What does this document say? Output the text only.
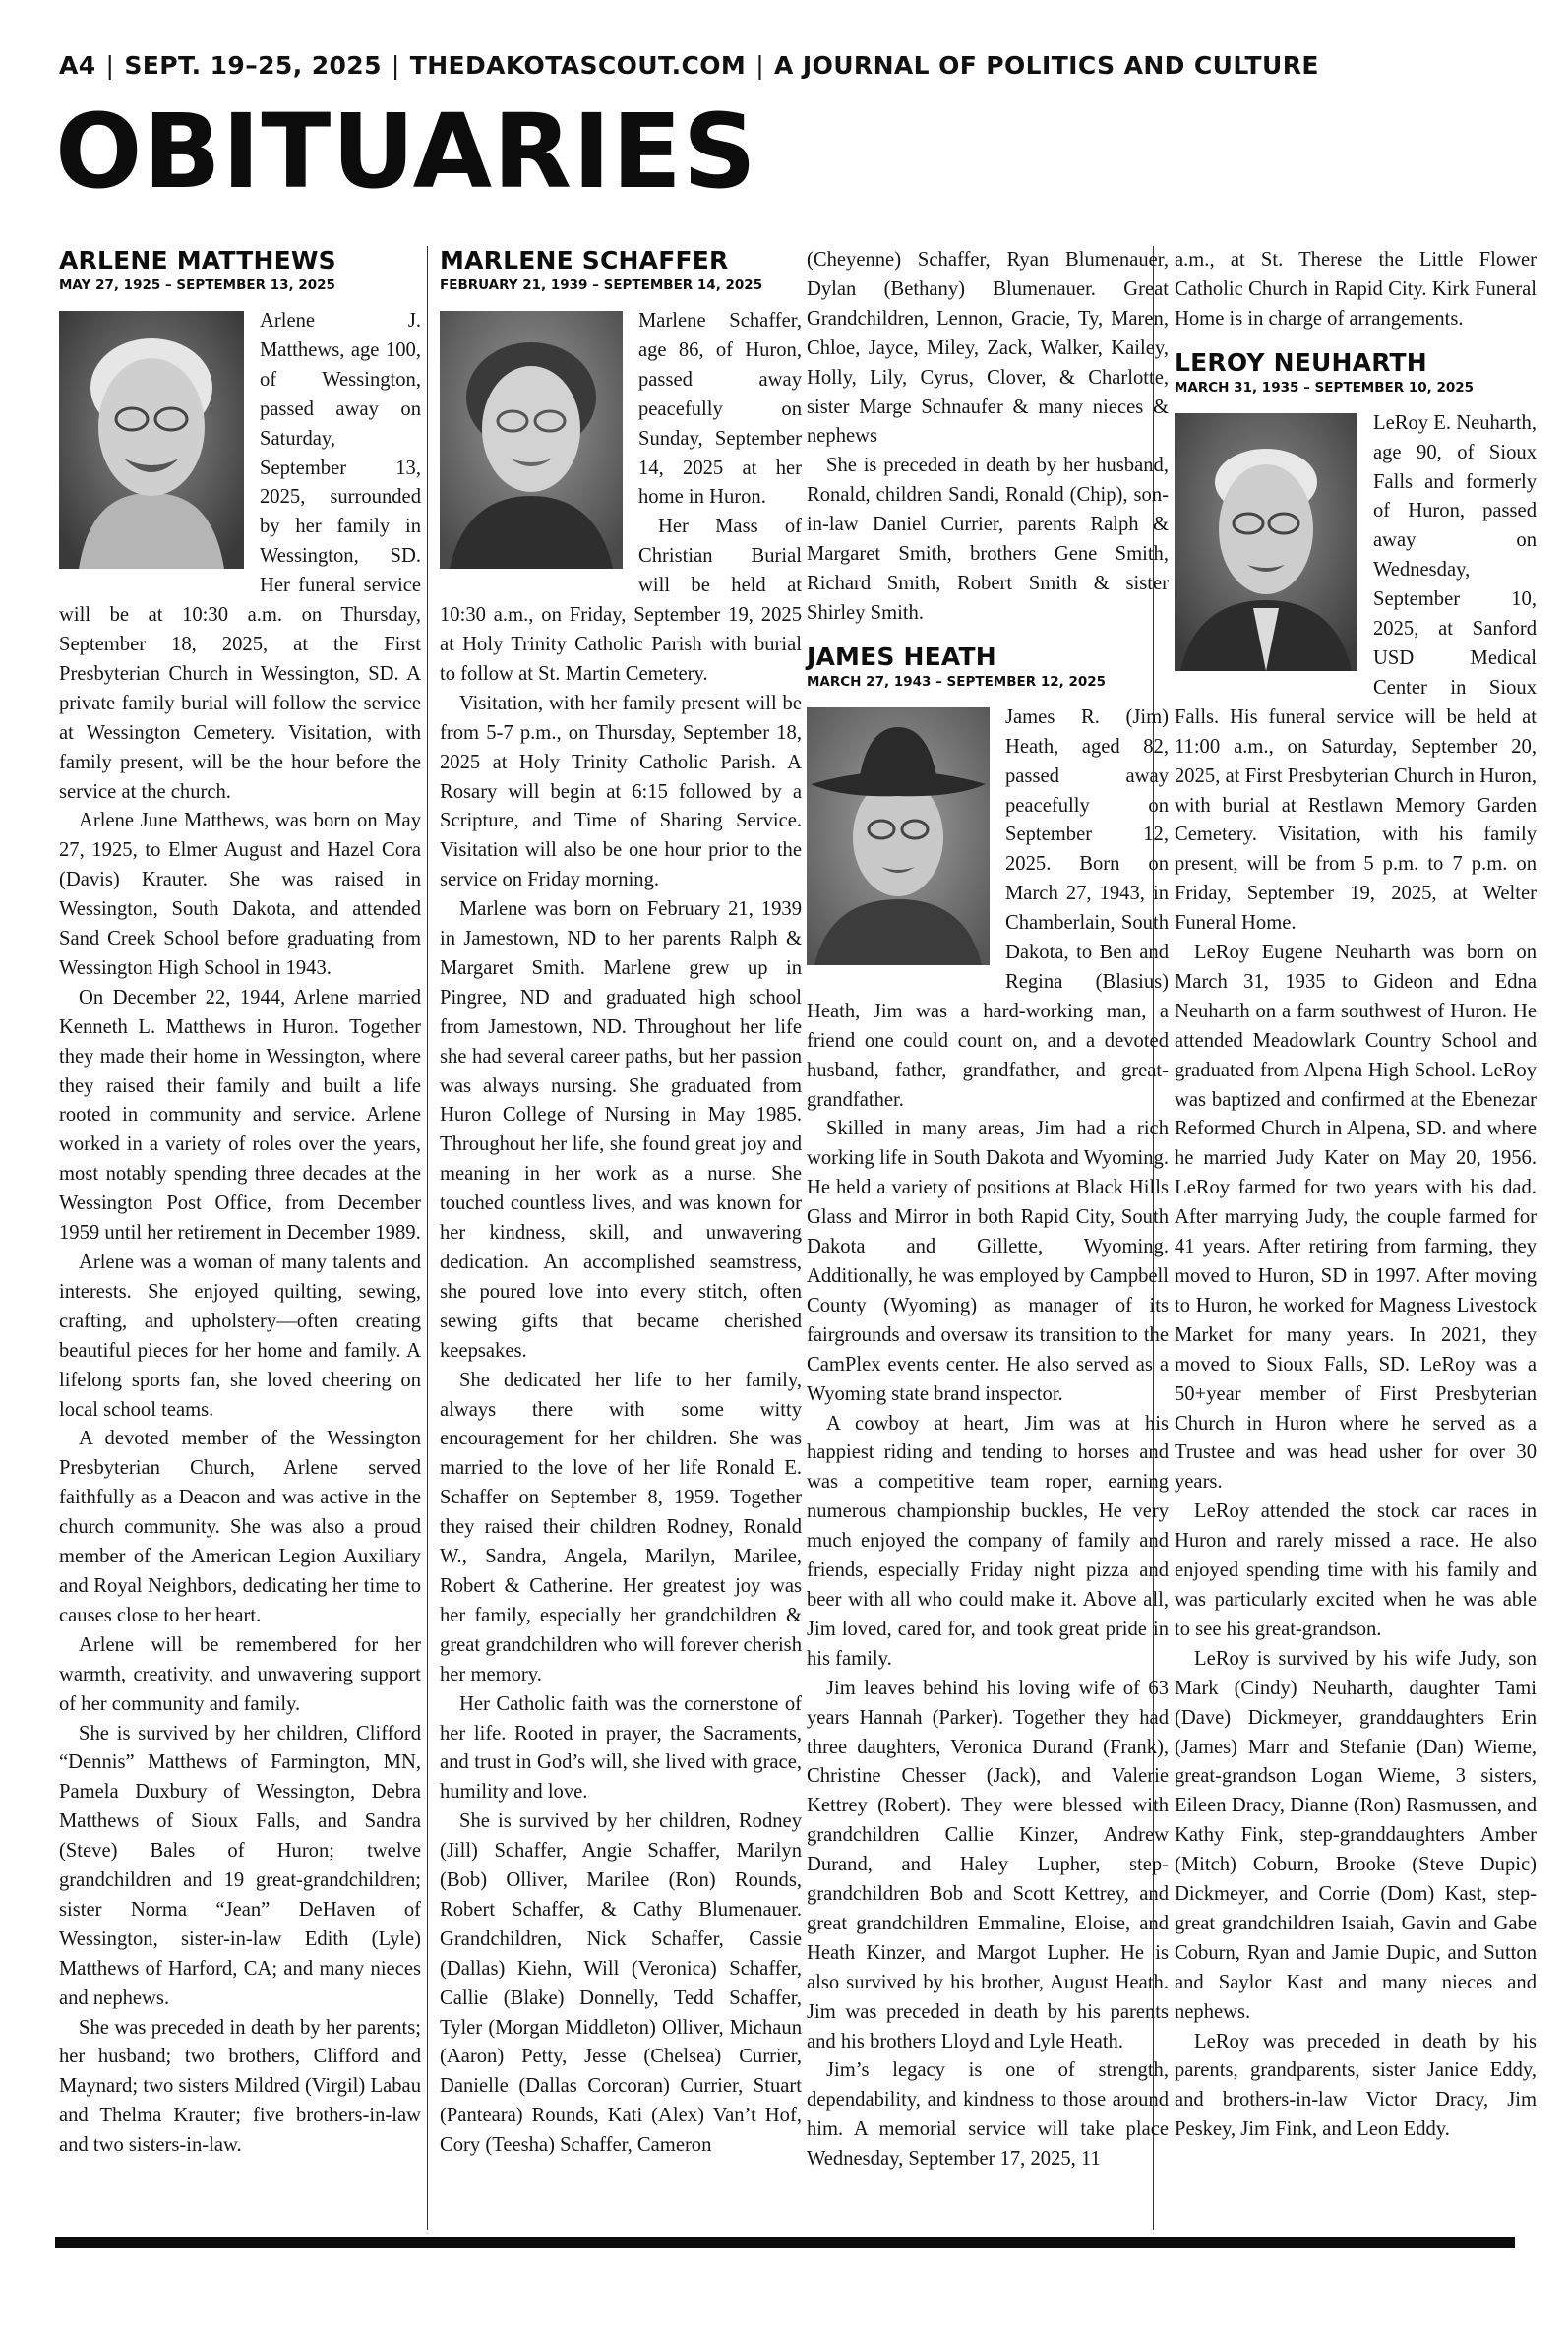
A4 | SEPT. 19–25, 2025 | THEDAKOTASCOUT.COM | A JOURNAL OF POLITICS AND CULTURE
OBITUARIES
ARLENE MATTHEWS
MAY 27, 1925 – SEPTEMBER 13, 2025

Arlene J. Matthews, age 100, of Wessington, passed away on Saturday, September 13, 2025, surrounded by her family in Wessington, SD. Her funeral service will be at 10:30 a.m. on Thursday, September 18, 2025, at the First Presbyterian Church in Wessington, SD. A private family burial will follow the service at Wessington Cemetery. Visitation, with family present, will be the hour before the service at the church.

Arlene June Matthews, was born on May 27, 1925, to Elmer August and Hazel Cora (Davis) Krauter. She was raised in Wessington, South Dakota, and attended Sand Creek School before graduating from Wessington High School in 1943.

On December 22, 1944, Arlene married Kenneth L. Matthews in Huron. Together they made their home in Wessington, where they raised their family and built a life rooted in community and service. Arlene worked in a variety of roles over the years, most notably spending three decades at the Wessington Post Office, from December 1959 until her retirement in December 1989.

Arlene was a woman of many talents and interests. She enjoyed quilting, sewing, crafting, and upholstery—often creating beautiful pieces for her home and family. A lifelong sports fan, she loved cheering on local school teams.

A devoted member of the Wessington Presbyterian Church, Arlene served faithfully as a Deacon and was active in the church community. She was also a proud member of the American Legion Auxiliary and Royal Neighbors, dedicating her time to causes close to her heart.

Arlene will be remembered for her warmth, creativity, and unwavering support of her community and family.

She is survived by her children, Clifford “Dennis” Matthews of Farmington, MN, Pamela Duxbury of Wessington, Debra Matthews of Sioux Falls, and Sandra (Steve) Bales of Huron; twelve grandchildren and 19 great-grandchildren; sister Norma “Jean” DeHaven of Wessington, sister-in-law Edith (Lyle) Matthews of Harford, CA; and many nieces and nephews.

She was preceded in death by her parents; her husband; two brothers, Clifford and Maynard; two sisters Mildred (Virgil) Labau and Thelma Krauter; five brothers-in-law and two sisters-in-law.

MARLENE SCHAFFER
FEBRUARY 21, 1939 – SEPTEMBER 14, 2025

Marlene Schaffer, age 86, of Huron, passed away peacefully on Sunday, September 14, 2025 at her home in Huron.

Her Mass of Christian Burial will be held at 10:30 a.m., on Friday, September 19, 2025 at Holy Trinity Catholic Parish with burial to follow at St. Martin Cemetery.

Visitation, with her family present will be from 5-7 p.m., on Thursday, September 18, 2025 at Holy Trinity Catholic Parish. A Rosary will begin at 6:15 followed by a Scripture, and Time of Sharing Service. Visitation will also be one hour prior to the service on Friday morning.

Marlene was born on February 21, 1939 in Jamestown, ND to her parents Ralph & Margaret Smith. Marlene grew up in Pingree, ND and graduated high school from Jamestown, ND. Throughout her life she had several career paths, but her passion was always nursing. She graduated from Huron College of Nursing in May 1985. Throughout her life, she found great joy and meaning in her work as a nurse. She touched countless lives, and was known for her kindness, skill, and unwavering dedication. An accomplished seamstress, she poured love into every stitch, often sewing gifts that became cherished keepsakes.

She dedicated her life to her family, always there with some witty encouragement for her children. She was married to the love of her life Ronald E. Schaffer on September 8, 1959. Together they raised their children Rodney, Ronald W., Sandra, Angela, Marilyn, Marilee, Robert & Catherine. Her greatest joy was her family, especially her grandchildren & great grandchildren who will forever cherish her memory.

Her Catholic faith was the cornerstone of her life. Rooted in prayer, the Sacraments, and trust in God’s will, she lived with grace, humility and love.

She is survived by her children, Rodney (Jill) Schaffer, Angie Schaffer, Marilyn (Bob) Olliver, Marilee (Ron) Rounds, Robert Schaffer, & Cathy Blumenauer. Grandchildren, Nick Schaffer, Cassie (Dallas) Kiehn, Will (Veronica) Schaffer, Callie (Blake) Donnelly, Tedd Schaffer, Tyler (Morgan Middleton) Olliver, Michaun (Aaron) Petty, Jesse (Chelsea) Currier, Danielle (Dallas Corcoran) Currier, Stuart (Panteara) Rounds, Kati (Alex) Van’t Hof, Cory (Teesha) Schaffer, Cameron

(Cheyenne) Schaffer, Ryan Blumenauer, Dylan (Bethany) Blumenauer. Great Grandchildren, Lennon, Gracie, Ty, Maren, Chloe, Jayce, Miley, Zack, Walker, Kailey, Holly, Lily, Cyrus, Clover, & Charlotte, sister Marge Schnaufer & many nieces & nephews

She is preceded in death by her husband, Ronald, children Sandi, Ronald (Chip), son-in-law Daniel Currier, parents Ralph & Margaret Smith, brothers Gene Smith, Richard Smith, Robert Smith & sister Shirley Smith.

JAMES HEATH
MARCH 27, 1943 – SEPTEMBER 12, 2025

James R. (Jim) Heath, aged 82, passed away peacefully on September 12, 2025. Born on March 27, 1943, in Chamberlain, South Dakota, to Ben and Regina (Blasius) Heath, Jim was a hard-working man, a friend one could count on, and a devoted husband, father, grandfather, and great-grandfather.

Skilled in many areas, Jim had a rich working life in South Dakota and Wyoming. He held a variety of positions at Black Hills Glass and Mirror in both Rapid City, South Dakota and Gillette, Wyoming. Additionally, he was employed by Campbell County (Wyoming) as manager of its fairgrounds and oversaw its transition to the CamPlex events center. He also served as a Wyoming state brand inspector.

A cowboy at heart, Jim was at his happiest riding and tending to horses and was a competitive team roper, earning numerous championship buckles, He very much enjoyed the company of family and friends, especially Friday night pizza and beer with all who could make it. Above all, Jim loved, cared for, and took great pride in his family.

Jim leaves behind his loving wife of 63 years Hannah (Parker). Together they had three daughters, Veronica Durand (Frank), Christine Chesser (Jack), and Valerie Kettrey (Robert). They were blessed with grandchildren Callie Kinzer, Andrew Durand, and Haley Lupher, step-grandchildren Bob and Scott Kettrey, and great grandchildren Emmaline, Eloise, and Heath Kinzer, and Margot Lupher. He is also survived by his brother, August Heath. Jim was preceded in death by his parents and his brothers Lloyd and Lyle Heath.

Jim’s legacy is one of strength, dependability, and kindness to those around him. A memorial service will take place Wednesday, September 17, 2025, 11

a.m., at St. Therese the Little Flower Catholic Church in Rapid City. Kirk Funeral Home is in charge of arrangements.

LEROY NEUHARTH
MARCH 31, 1935 – SEPTEMBER 10, 2025

LeRoy E. Neuharth, age 90, of Sioux Falls and formerly of Huron, passed away on Wednesday, September 10, 2025, at Sanford USD Medical Center in Sioux Falls. His funeral service will be held at 11:00 a.m., on Saturday, September 20, 2025, at First Presbyterian Church in Huron, with burial at Restlawn Memory Garden Cemetery. Visitation, with his family present, will be from 5 p.m. to 7 p.m. on Friday, September 19, 2025, at Welter Funeral Home.

LeRoy Eugene Neuharth was born on March 31, 1935 to Gideon and Edna Neuharth on a farm southwest of Huron. He attended Meadowlark Country School and graduated from Alpena High School. LeRoy was baptized and confirmed at the Ebenezar Reformed Church in Alpena, SD. and where he married Judy Kater on May 20, 1956. LeRoy farmed for two years with his dad. After marrying Judy, the couple farmed for 41 years. After retiring from farming, they moved to Huron, SD in 1997. After moving to Huron, he worked for Magness Livestock Market for many years. In 2021, they moved to Sioux Falls, SD. LeRoy was a 50+year member of First Presbyterian Church in Huron where he served as a Trustee and was head usher for over 30 years.

LeRoy attended the stock car races in Huron and rarely missed a race. He also enjoyed spending time with his family and was particularly excited when he was able to see his great-grandson.

LeRoy is survived by his wife Judy, son Mark (Cindy) Neuharth, daughter Tami (Dave) Dickmeyer, granddaughters Erin (James) Marr and Stefanie (Dan) Wieme, great-grandson Logan Wieme, 3 sisters, Eileen Dracy, Dianne (Ron) Rasmussen, and Kathy Fink, step-granddaughters Amber (Mitch) Coburn, Brooke (Steve Dupic) Dickmeyer, and Corrie (Dom) Kast, step-great grandchildren Isaiah, Gavin and Gabe Coburn, Ryan and Jamie Dupic, and Sutton and Saylor Kast and many nieces and nephews.

LeRoy was preceded in death by his parents, grandparents, sister Janice Eddy, and brothers-in-law Victor Dracy, Jim Peskey, Jim Fink, and Leon Eddy.
